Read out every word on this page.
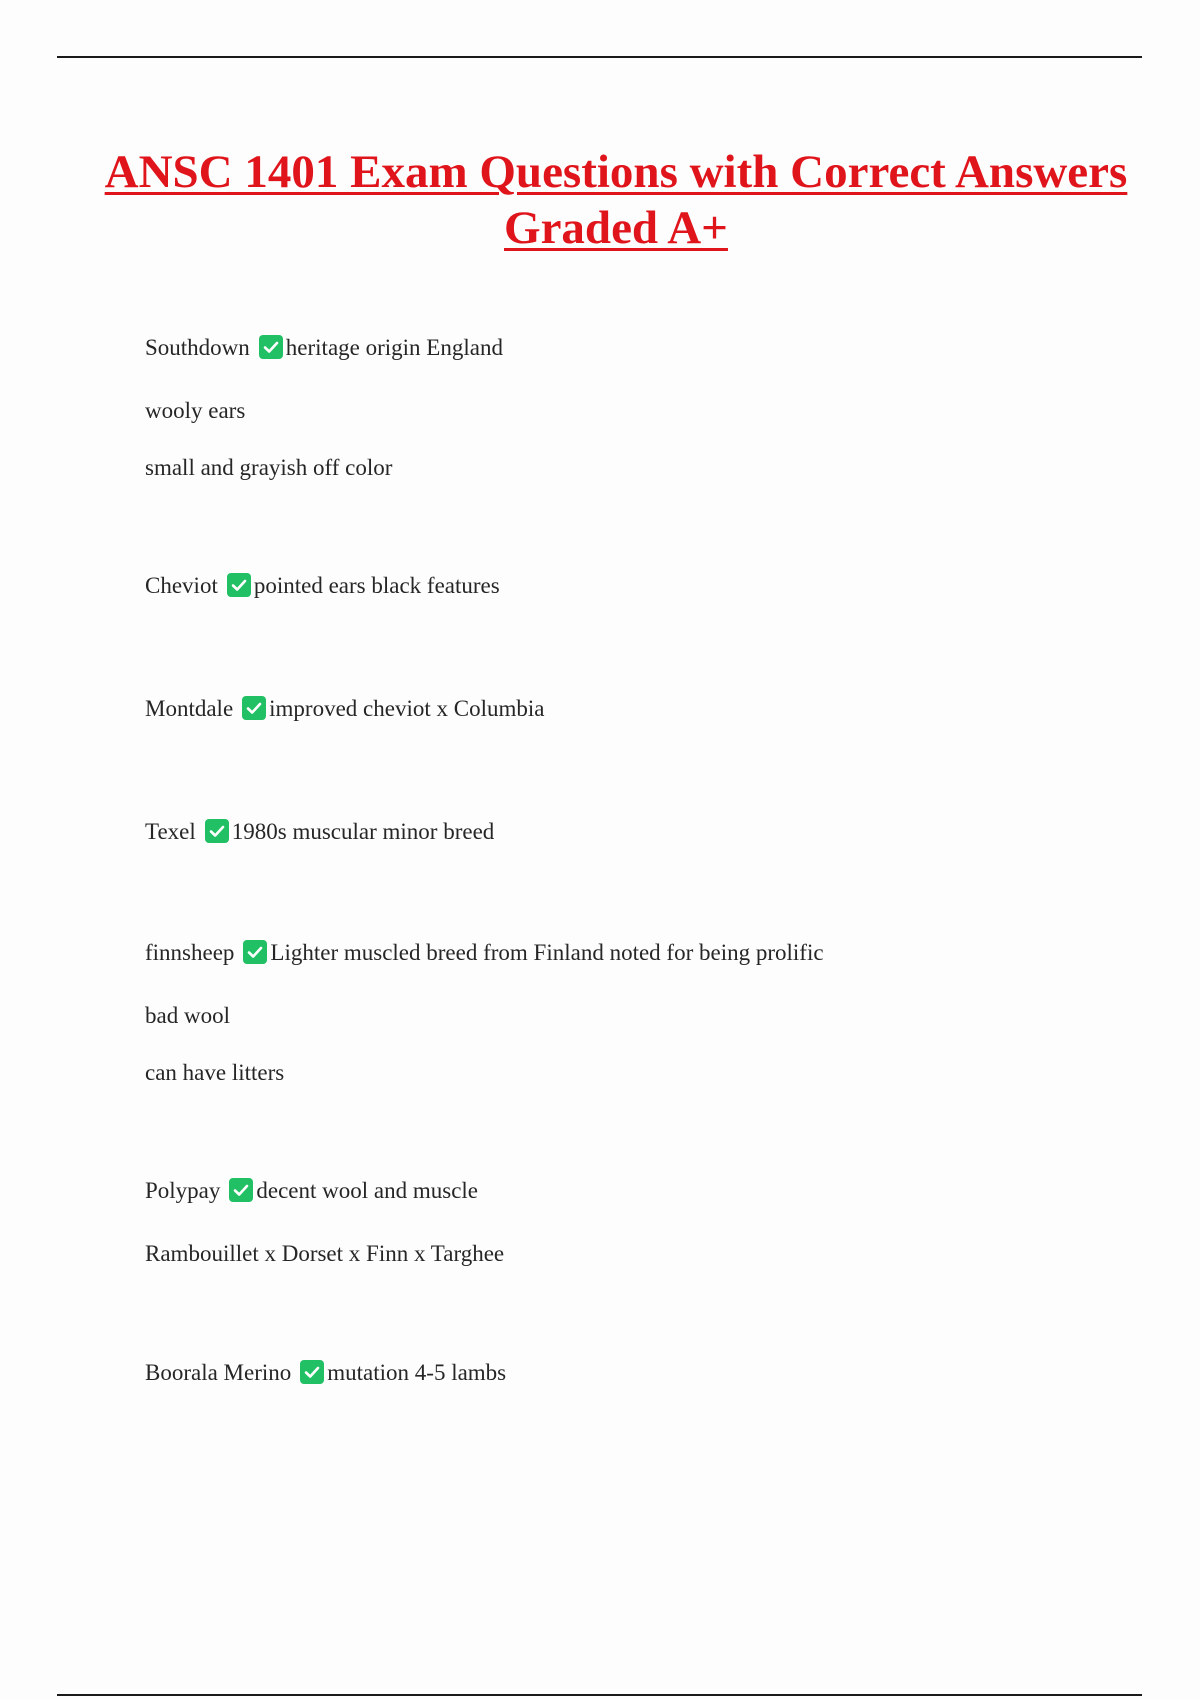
ANSC 1401 Exam Questions with Correct Answers Graded A+
Southdown heritage origin England
wooly ears
small and grayish off color
Cheviot pointed ears black features
Montdale improved cheviot x Columbia
Texel 1980s muscular minor breed
finnsheep Lighter muscled breed from Finland noted for being prolific
bad wool
can have litters
Polypay decent wool and muscle
Rambouillet x Dorset x Finn x Targhee
Boorala Merino mutation 4-5 lambs
